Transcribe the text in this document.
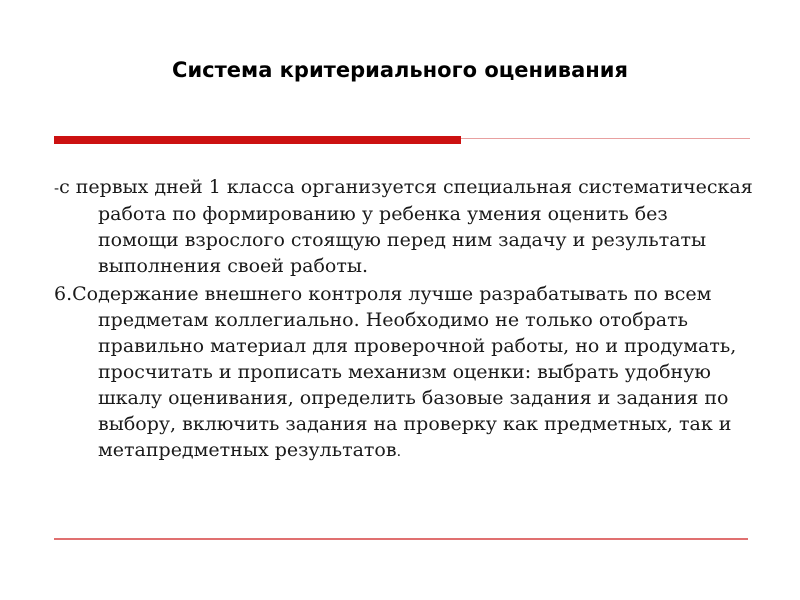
Система критериального оценивания

-с первых дней 1 класса организуется специальная систематическая работа по формированию у ребенка умения оценить без помощи взрослого стоящую перед ним задачу и результаты выполнения своей работы.

6.Содержание внешнего контроля лучше разрабатывать по всем предметам коллегиально. Необходимо не только отобрать правильно материал для проверочной работы, но и продумать, просчитать и прописать механизм оценки: выбрать удобную шкалу оценивания, определить базовые задания и задания по выбору, включить задания на проверку как предметных, так и метапредметных результатов.
